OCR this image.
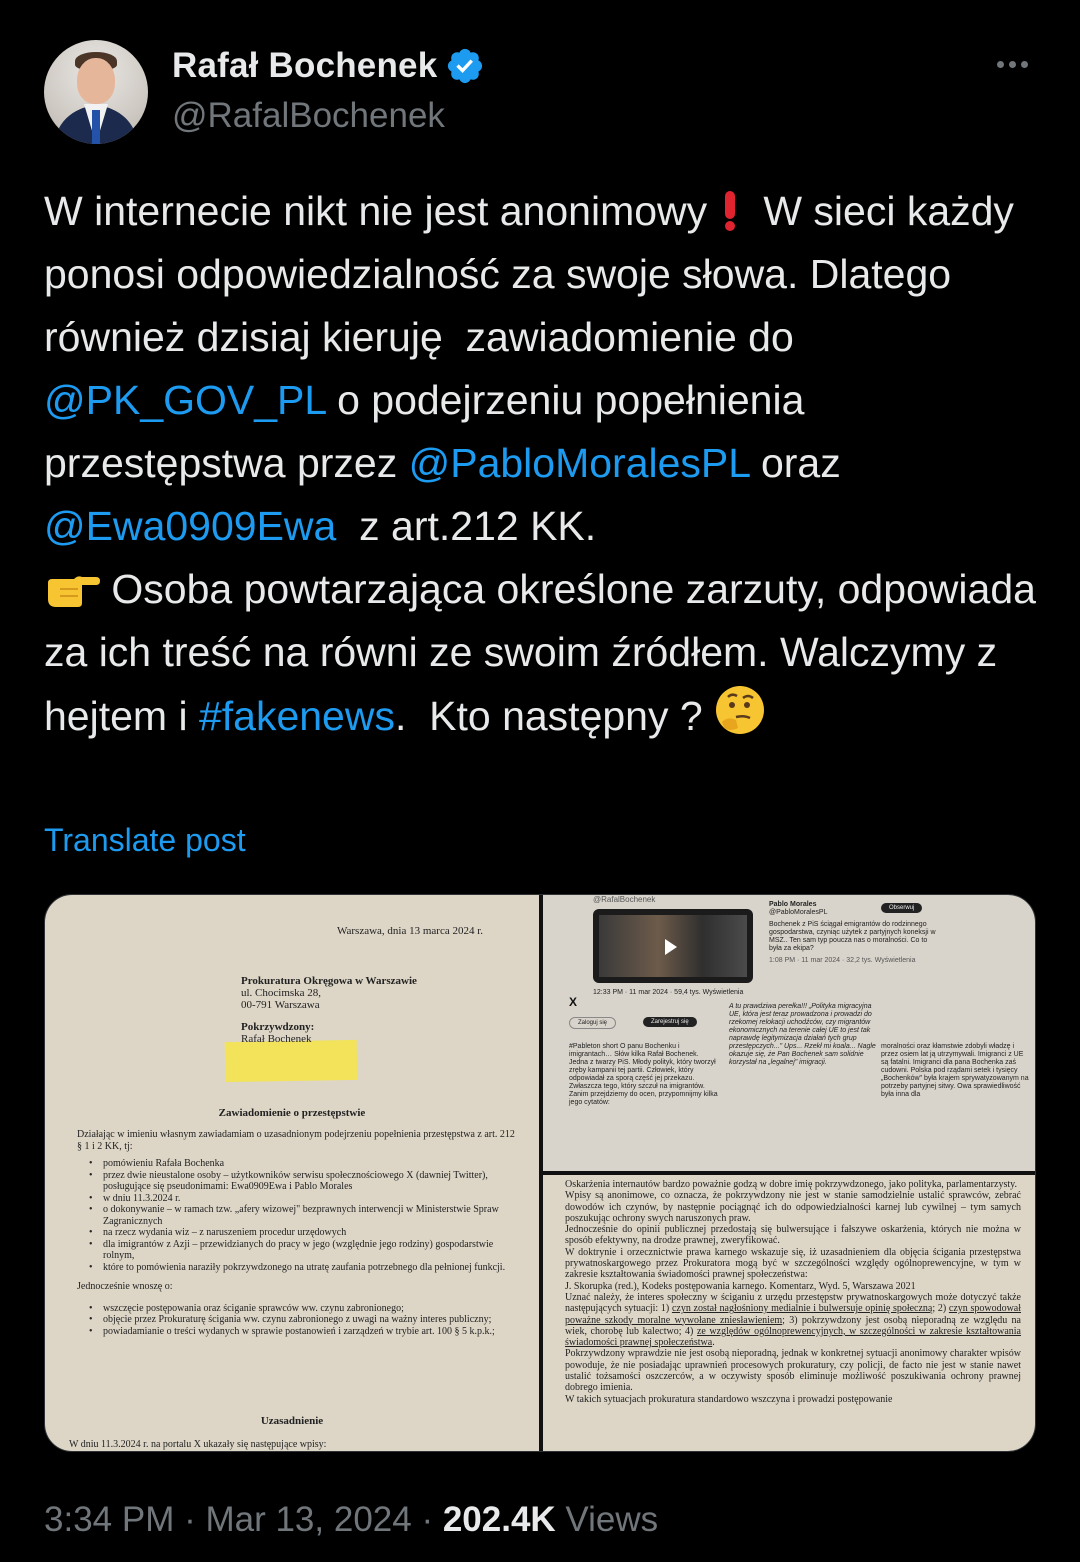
Rafał Bochenek
@RafalBochenek
W internecie nikt nie jest anonimowy   W sieci każdy ponosi odpowiedzialność za swoje słowa. Dlatego również dzisiaj kieruję  zawiadomienie do @PK_GOV_PL o podejrzeniu popełnienia przestępstwa przez @PabloMoralesPL oraz
@Ewa0909Ewa  z art.212 KK.
Osoba powtarzająca określone zarzuty, odpowiada za ich treść na równi ze swoim źródłem. Walczymy z hejtem i #fakenews.  Kto następny ?
Translate post
Warszawa, dnia 13 marca 2024 r.
Prokuratura Okręgowa w Warszawie
ul. Chocimska 28,
00-791 Warszawa
Pokrzywdzony:
Rafał Bochenek
Zawiadomienie o przestępstwie
Działając w imieniu własnym zawiadamiam o uzasadnionym podejrzeniu popełnienia przestępstwa z art. 212 § 1 i 2 KK, tj:
• pomówieniu Rafała Bochenka
• przez dwie nieustalone osoby – użytkowników serwisu społecznościowego X (dawniej Twitter), posługujące się pseudonimami: Ewa0909Ewa i Pablo Morales
• w dniu 11.3.2024 r.
• o dokonywanie – w ramach tzw. „afery wizowej" bezprawnych interwencji w Ministerstwie Spraw Zagranicznych
• na rzecz wydania wiz – z naruszeniem procedur urzędowych
• dla imigrantów z Azji – przewidzianych do pracy w jego (względnie jego rodziny) gospodarstwie rolnym,
• które to pomówienia naraziły pokrzywdzonego na utratę zaufania potrzebnego dla pełnionej funkcji.
Jednocześnie wnoszę o:
• wszczęcie postępowania oraz ściganie sprawców ww. czynu zabronionego;
• objęcie przez Prokuraturę ścigania ww. czynu zabronionego z uwagi na ważny interes publiczny;
• powiadamianie o treści wydanych w sprawie postanowień i zarządzeń w trybie art. 100 § 5 k.p.k.;
Uzasadnienie
W dniu 11.3.2024 r. na portalu X ukazały się następujące wpisy:
@RafalBochenek
12:33 PM · 11 mar 2024 · 59,4 tys. Wyświetlenia
X
Zaloguj się	Zarejestruj się
Pablo Morales
@PabloMoralesPL

Bochenek z PiS ściągał emigrantów do rodzinnego gospodarstwa, czyniąc użytek z partyjnych koneksji w MSZ.. Ten sam typ poucza nas o moralności. Co to była za ekipa?
1:08 PM · 11 mar 2024 · 32,2 tys. Wyświetlenia
Obserwuj
#Pableton short O panu Bochenku i imigrantach… Słów kilka Rafał Bochenek. Jedna z twarzy PiS. Młody polityk, który tworzył zręby kampanii tej partii. Człowiek, który odpowiadał za sporą część jej przekazu. Zwłaszcza tego, który szczuł na imigrantów. Zanim przejdziemy do ocen, przypomnijmy kilka jego cytatów:
A tu prawdziwa perełka!!! „Polityka migracyjna UE, która jest teraz prowadzona i prowadzi do rzekomej relokacji uchodźców, czy migrantów ekonomicznych na terenie całej UE to jest tak naprawdę legitymizacja działań tych grup przestępczych..." Ups... Rzekł mi koala... Nagle okazuje się, że Pan Bochenek sam solidnie korzystał na „legalnej" imigracji.
moralności oraz kłamstwie zdobyli władzę i przez osiem lat ją utrzymywali. Imigranci z UE są fatalni. Imigranci dla pana Bochenka zaś cudowni. Polska pod rządami setek i tysięcy „Bochenków" była krajem sprywatyzowanym na potrzeby partyjnej sitwy. Owa sprawiedliwość była inna dla
Oskarżenia internautów bardzo poważnie godzą w dobre imię pokrzywdzonego, jako polityka, parlamentarzysty.
Wpisy są anonimowe, co oznacza, że pokrzywdzony nie jest w stanie samodzielnie ustalić sprawców, zebrać dowodów ich czynów, by następnie pociągnąć ich do odpowiedzialności karnej lub cywilnej – tym samych poszukując ochrony swych naruszonych praw.
Jednocześnie do opinii publicznej przedostają się bulwersujące i fałszywe oskarżenia, których nie można w sposób efektywny, na drodze prawnej, zweryfikować.
W doktrynie i orzecznictwie prawa karnego wskazuje się, iż uzasadnieniem dla objęcia ścigania przestępstwa prywatnoskargowego przez Prokuratora mogą być w szczególności względy ogólnoprewencyjne, w tym w zakresie kształtowania świadomości prawnej społeczeństwa:
J. Skorupka (red.), Kodeks postępowania karnego. Komentarz, Wyd. 5, Warszawa 2021
Uznać należy, że interes społeczny w ściganiu z urzędu przestępstw prywatnoskargowych może dotyczyć także następujących sytuacji: 1) czyn został nagłośniony medialnie i bulwersuje opinię społeczną; 2) czyn spowodował poważne szkody moralne wywołane zniesławieniem; 3) pokrzywdzony jest osobą nieporadną ze względu na wiek, chorobę lub kalectwo; 4) ze względów ogólnoprewencyjnych, w szczególności w zakresie kształtowania świadomości prawnej społeczeństwa.
Pokrzywdzony wprawdzie nie jest osobą nieporadną, jednak w konkretnej sytuacji anonimowy charakter wpisów powoduje, że nie posiadając uprawnień procesowych prokuratury, czy policji, de facto nie jest w stanie nawet ustalić tożsamości oszczerców, a w oczywisty sposób eliminuje możliwość poszukiwania ochrony prawnej dobrego imienia.
W takich sytuacjach prokuratura standardowo wszczyna i prowadzi postępowanie
3:34 PM · Mar 13, 2024 · 202.4K Views
